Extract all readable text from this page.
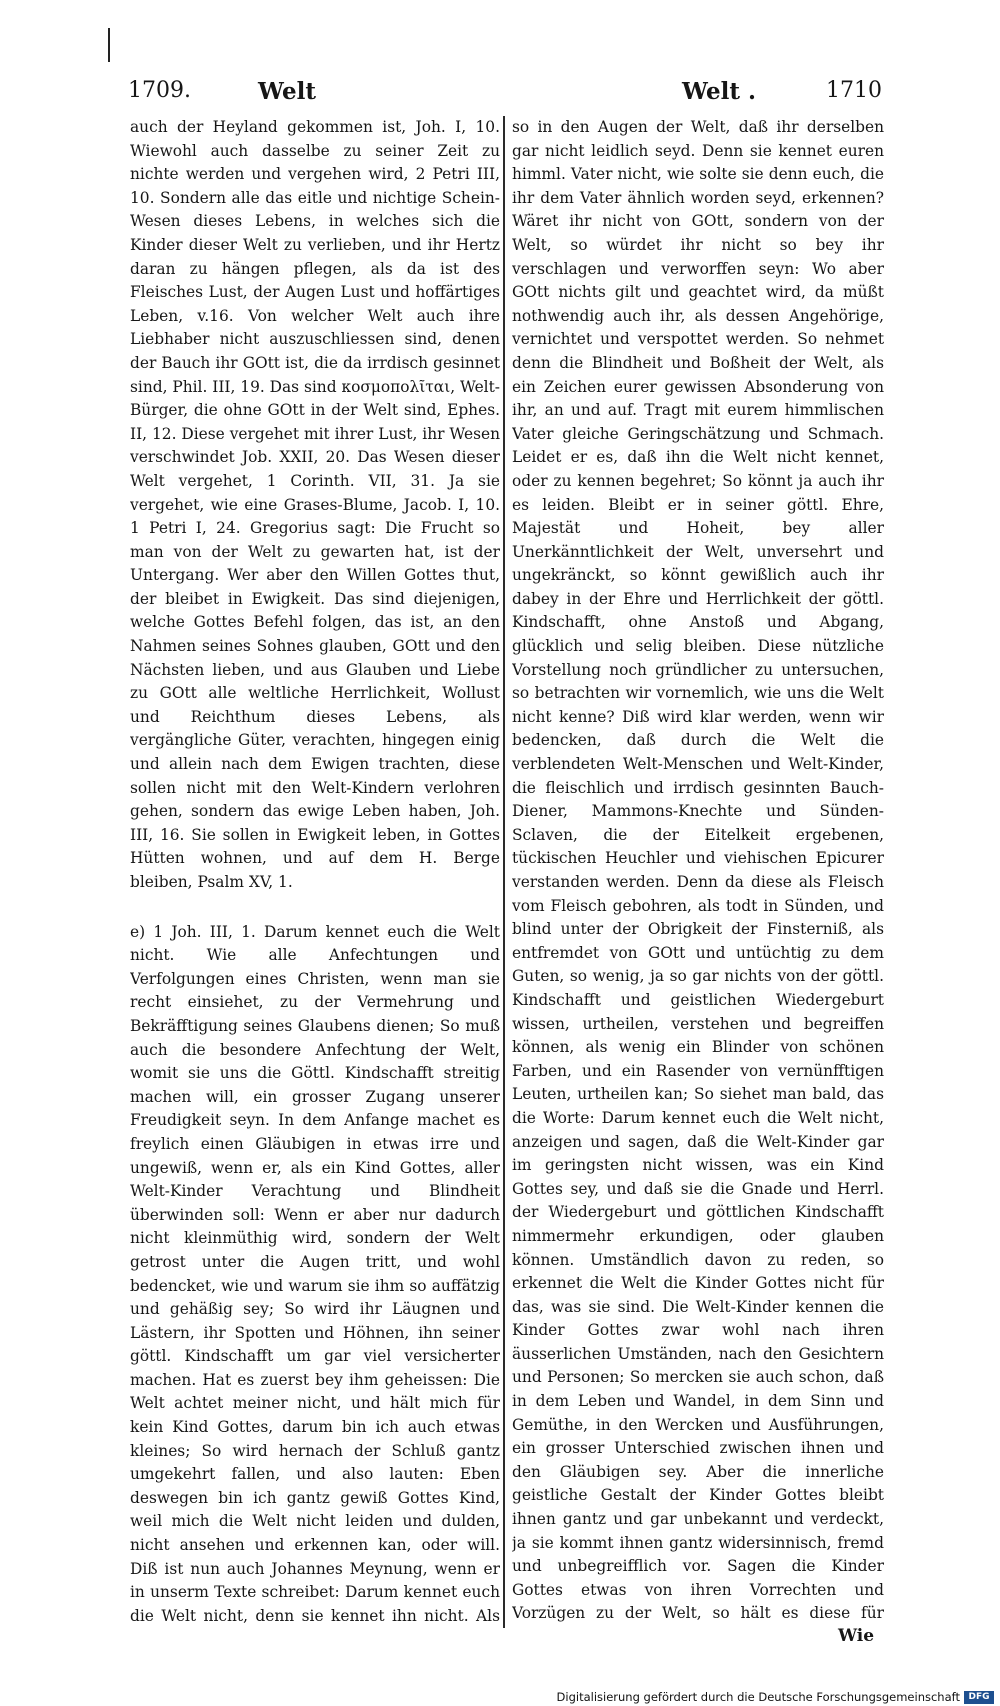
1709.	Welt	Welt .	1710

auch der Heyland gekommen ist, Joh. I, 10. Wiewohl auch dasselbe zu seiner Zeit zu nichte werden und vergehen wird, 2 Petri III, 10. Sondern alle das eitle und nichtige Schein-Wesen dieses Lebens, in welches sich die Kinder dieser Welt zu verlieben, und ihr Hertz daran zu hängen pflegen, als da ist des Fleisches Lust, der Augen Lust und hoffärtiges Leben, v.16. Von welcher Welt auch ihre Liebhaber nicht auszuschliessen sind, denen der Bauch ihr GOtt ist, die da irrdisch gesinnet sind, Phil. III, 19. Das sind κοσμοπολῖται, Welt-Bürger, die ohne GOtt in der Welt sind, Ephes. II, 12. Diese vergehet mit ihrer Lust, ihr Wesen verschwindet Job. XXII, 20. Das Wesen dieser Welt vergehet, 1 Corinth. VII, 31. Ja sie vergehet, wie eine Grases-Blume, Jacob. I, 10. 1 Petri I, 24. Gregorius sagt: Die Frucht so man von der Welt zu gewarten hat, ist der Untergang. Wer aber den Willen Gottes thut, der bleibet in Ewigkeit. Das sind diejenigen, welche Gottes Befehl folgen, das ist, an den Nahmen seines Sohnes glauben, GOtt und den Nächsten lieben, und aus Glauben und Liebe zu GOtt alle weltliche Herrlichkeit, Wollust und Reichthum dieses Lebens, als vergängliche Güter, verachten, hingegen einig und allein nach dem Ewigen trachten, diese sollen nicht mit den Welt-Kindern verlohren gehen, sondern das ewige Leben haben, Joh. III, 16. Sie sollen in Ewigkeit leben, in Gottes Hütten wohnen, und auf dem H. Berge bleiben, Psalm XV, 1.

e) 1 Joh. III, 1. Darum kennet euch die Welt nicht. Wie alle Anfechtungen und Verfolgungen eines Christen, wenn man sie recht einsiehet, zu der Vermehrung und Bekräfftigung seines Glaubens dienen; So muß auch die besondere Anfechtung der Welt, womit sie uns die Göttl. Kindschafft streitig machen will, ein grosser Zugang unserer Freudigkeit seyn. In dem Anfange machet es freylich einen Gläubigen in etwas irre und ungewiß, wenn er, als ein Kind Gottes, aller Welt-Kinder Verachtung und Blindheit überwinden soll: Wenn er aber nur dadurch nicht kleinmüthig wird, sondern der Welt getrost unter die Augen tritt, und wohl bedencket, wie und warum sie ihm so auffätzig und gehäßig sey; So wird ihr Läugnen und Lästern, ihr Spotten und Höhnen, ihn seiner göttl. Kindschafft um gar viel versicherter machen. Hat es zuerst bey ihm geheissen: Die Welt achtet meiner nicht, und hält mich für kein Kind Gottes, darum bin ich auch etwas kleines; So wird hernach der Schluß gantz umgekehrt fallen, und also lauten: Eben deswegen bin ich gantz gewiß Gottes Kind, weil mich die Welt nicht leiden und dulden, nicht ansehen und erkennen kan, oder will. Diß ist nun auch Johannes Meynung, wenn er in unserm Texte schreibet: Darum kennet euch die Welt nicht, denn sie kennet ihn nicht. Als

so in den Augen der Welt, daß ihr derselben gar nicht leidlich seyd. Denn sie kennet euren himml. Vater nicht, wie solte sie denn euch, die ihr dem Vater ähnlich worden seyd, erkennen? Wäret ihr nicht von GOtt, sondern von der Welt, so würdet ihr nicht so bey ihr verschlagen und verworffen seyn: Wo aber GOtt nichts gilt und geachtet wird, da müßt nothwendig auch ihr, als dessen Angehörige, vernichtet und verspottet werden. So nehmet denn die Blindheit und Boßheit der Welt, als ein Zeichen eurer gewissen Absonderung von ihr, an und auf. Tragt mit eurem himmlischen Vater gleiche Geringschätzung und Schmach. Leidet er es, daß ihn die Welt nicht kennet, oder zu kennen begehret; So könnt ja auch ihr es leiden. Bleibt er in seiner göttl. Ehre, Majestät und Hoheit, bey aller Unerkänntlichkeit der Welt, unversehrt und ungekränckt, so könnt gewißlich auch ihr dabey in der Ehre und Herrlichkeit der göttl. Kindschafft, ohne Anstoß und Abgang, glücklich und selig bleiben. Diese nützliche Vorstellung noch gründlicher zu untersuchen, so betrachten wir vornemlich, wie uns die Welt nicht kenne? Diß wird klar werden, wenn wir bedencken, daß durch die Welt die verblendeten Welt-Menschen und Welt-Kinder, die fleischlich und irrdisch gesinnten Bauch-Diener, Mammons-Knechte und Sünden-Sclaven, die der Eitelkeit ergebenen, tückischen Heuchler und viehischen Epicurer verstanden werden. Denn da diese als Fleisch vom Fleisch gebohren, als todt in Sünden, und blind unter der Obrigkeit der Finsterniß, als entfremdet von GOtt und untüchtig zu dem Guten, so wenig, ja so gar nichts von der göttl. Kindschafft und geistlichen Wiedergeburt wissen, urtheilen, verstehen und begreiffen können, als wenig ein Blinder von schönen Farben, und ein Rasender von vernünfftigen Leuten, urtheilen kan; So siehet man bald, das die Worte: Darum kennet euch die Welt nicht, anzeigen und sagen, daß die Welt-Kinder gar im geringsten nicht wissen, was ein Kind Gottes sey, und daß sie die Gnade und Herrl. der Wiedergeburt und göttlichen Kindschafft nimmermehr erkundigen, oder glauben können. Umständlich davon zu reden, so erkennet die Welt die Kinder Gottes nicht für das, was sie sind. Die Welt-Kinder kennen die Kinder Gottes zwar wohl nach ihren äusserlichen Umständen, nach den Gesichtern und Personen; So mercken sie auch schon, daß in dem Leben und Wandel, in dem Sinn und Gemüthe, in den Wercken und Ausführungen, ein grosser Unterschied zwischen ihnen und den Gläubigen sey. Aber die innerliche geistliche Gestalt der Kinder Gottes bleibt ihnen gantz und gar unbekannt und verdeckt, ja sie kommt ihnen gantz widersinnisch, fremd und unbegreifflich vor. Sagen die Kinder Gottes etwas von ihren Vorrechten und Vorzügen zu der Welt, so hält es diese für

Wie
Digitalisierung gefördert durch die Deutsche Forschungsgemeinschaft DFG
